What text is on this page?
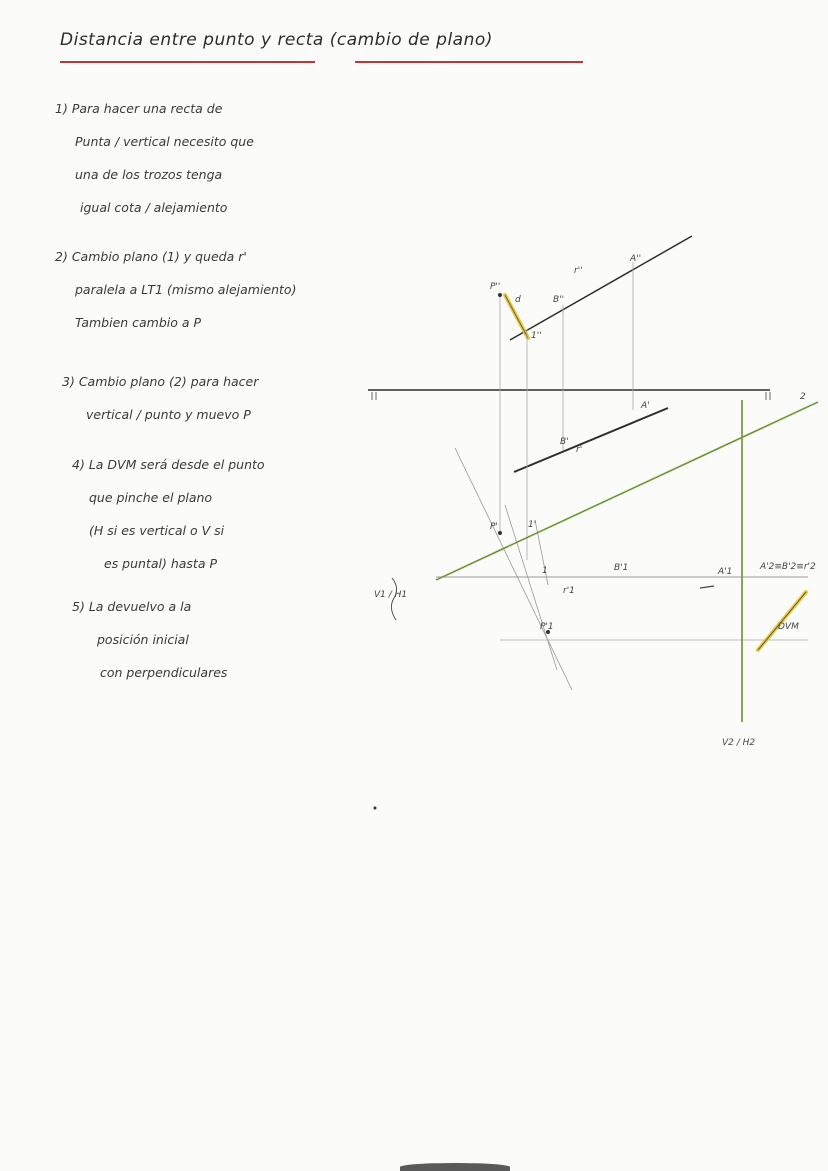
Distancia entre punto y recta (cambio de plano)
1) Para hacer una recta de
Punta / vertical necesito que
una de los trozos tenga
igual cota / alejamiento
2) Cambio plano (1) y queda r'
paralela a LT1 (mismo alejamiento)
Tambien cambio a P
3) Cambio plano (2) para hacer
vertical / punto y muevo P
4) La DVM será desde el punto
que pinche el plano
(H si es vertical o V si
es puntal) hasta P
5) La devuelvo a la
posición inicial
con perpendiculares
P''
d
r''
B''
A''
1''
A'
B'
r'
P'	1'
1
2
B'1	A'1
r'1
P'1
A'2≡B'2≡r'2
DVM
V1 / H1
V2 / H2
